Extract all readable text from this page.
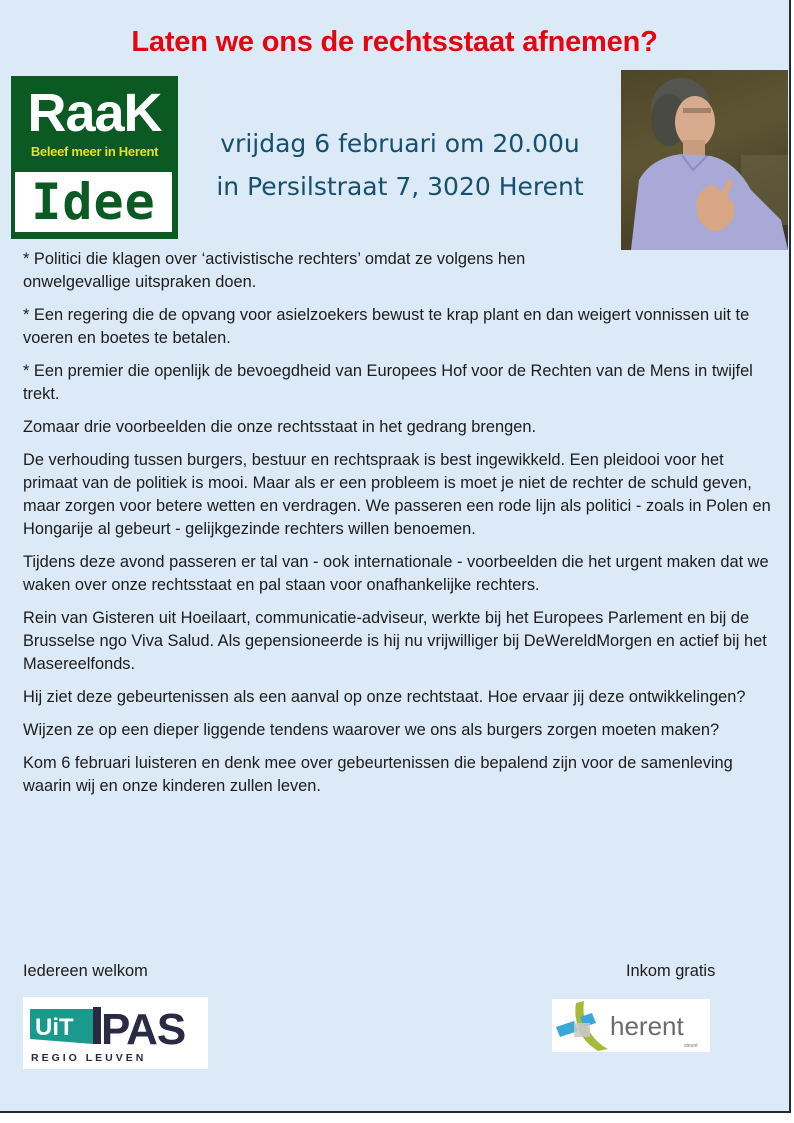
Laten we ons de rechtsstaat afnemen?
RaaK
Beleef meer in Herent
Idee
vrijdag 6 februari om 20.00u
in Persilstraat 7, 3020 Herent

* Politici die klagen over ‘activistische rechters’ omdat ze volgens hen onwelgevallige uitspraken doen.

* Een regering die de opvang voor asielzoekers bewust te krap plant en dan weigert vonnissen uit te voeren en boetes te betalen.

* Een premier die openlijk de bevoegdheid van Europees Hof voor de Rechten van de Mens in twijfel trekt.

Zomaar drie voorbeelden die onze rechtsstaat in het gedrang brengen.

De verhouding tussen burgers, bestuur en rechtspraak is best ingewikkeld. Een pleidooi voor het primaat van de politiek is mooi. Maar als er een probleem is moet je niet de rechter de schuld geven, maar zorgen voor betere wetten en verdragen. We passeren een rode lijn als politici - zoals in Polen en Hongarije al gebeurt - gelijkgezinde rechters willen benoemen.

Tijdens deze avond passeren er tal van - ook internationale - voorbeelden die het urgent maken dat we waken over onze rechtsstaat en pal staan voor onafhankelijke rechters.

Rein van Gisteren uit Hoeilaart, communicatie-adviseur, werkte bij het Europees Parlement en bij de Brusselse ngo Viva Salud. Als gepensioneerde is hij nu vrijwilliger bij DeWereldMorgen en actief bij het Masereelfonds.

Hij ziet deze gebeurtenissen als een aanval op onze rechtstaat. Hoe ervaar jij deze ontwikkelingen?

Wijzen ze op een dieper liggende tendens waarover we ons als burgers zorgen moeten maken?

Kom 6 februari luisteren en denk mee over gebeurtenissen die bepalend zijn voor de samenleving waarin wij en onze kinderen zullen leven.

Iedereen welkom	Inkom gratis
UiT PAS
REGIO LEUVEN
herent
steunt
